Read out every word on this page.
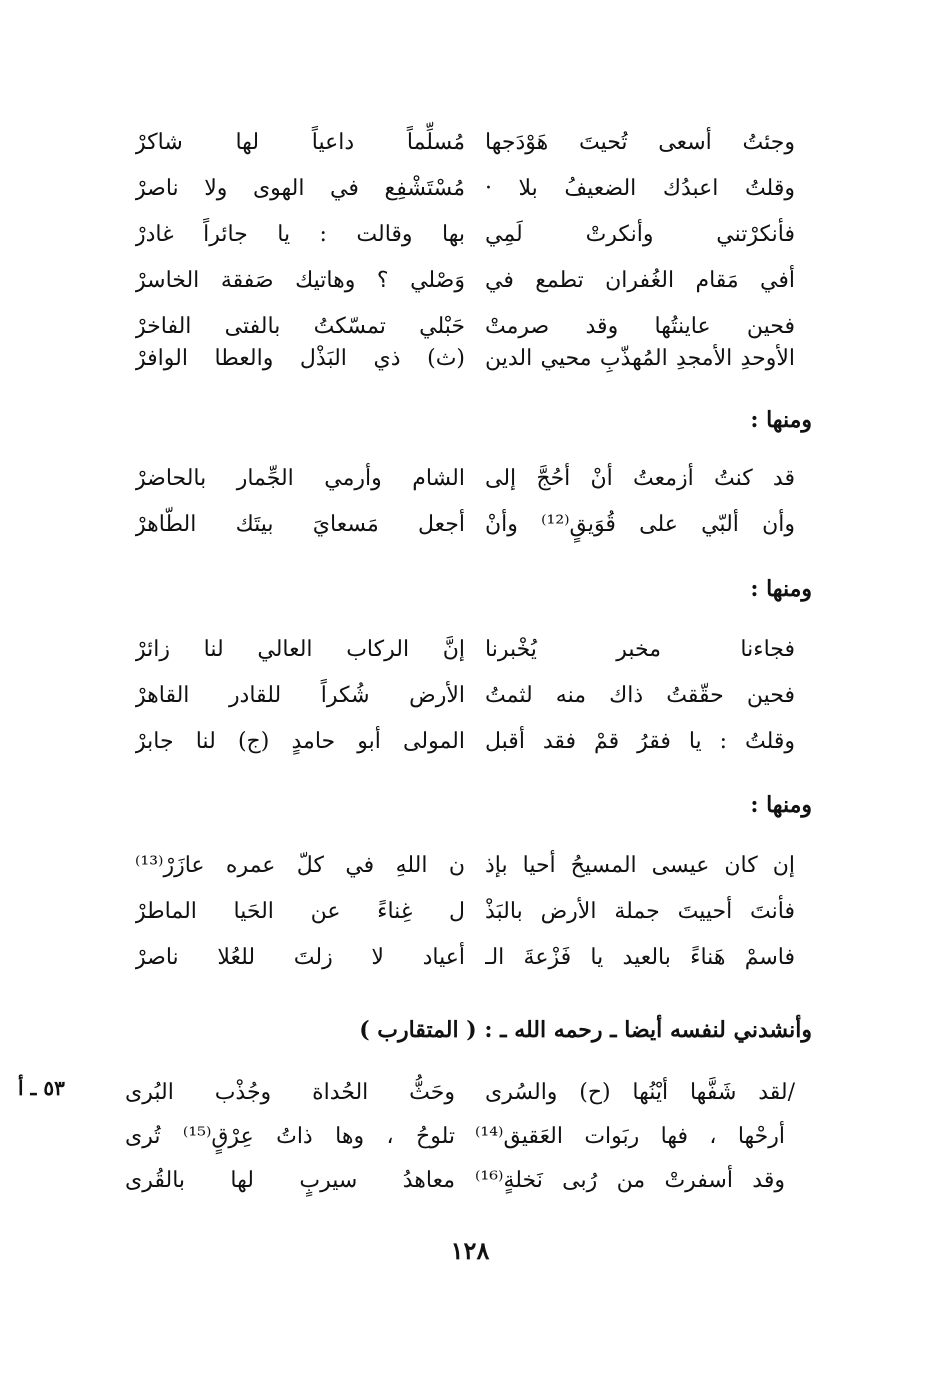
وجئتُ أسعى تُحيتَ هَوْدَجها
مُسلِّماً داعياً لها شاكرْ
وقلتُ اعبدُك الضعيفُ بلا ·
مُسْتَشْفِع في الهوى ولا ناصرْ
فأنكرْتني وأنكرتْ لَمِي
بها وقالت : يا جائراً غادرْ
أفي مَقام الغُفران تطمع في
وَصْلي ؟ وهاتيك صَفقة الخاسرْ
فحين عاينتُها وقد صرمتْ
حَبْلي تمسّكتُ بالفتى الفاخرْ
الأوحدِ الأمجدِ المُهذّبِ محيي الدين
(ث) ذي البَذْل والعطا الوافرْ
ومنها :
قد كنتُ أزمعتُ أنْ أحُجَّ إلى
الشام وأرمي الجِّمار بالحاضرْ
وأن ألبّي على قُوَيقٍ⁽¹²⁾ وأنْ
أجعل مَسعايَ بيتَك الطّاهرْ
ومنها :
فجاءنا مخبر يُخْبرنا
إنَّ الركاب العالي لنا زائرْ
فحين حقّقتُ ذاك منه لثمتُ
الأرض شُكراً للقادر القاهرْ
وقلتُ : يا فقرُ قمْ فقد أقبل
المولى أبو حامدٍ (ج) لنا جابرْ
ومنها :
إن كان عيسى المسيحُ أحيا بإذ
ن اللهِ في كلّ عمره عازَرْ⁽¹³⁾
فأنتَ أحييتَ جملة الأرض بالبَذْ
ل غِناءً عن الحَيا الماطرْ
فاسمْ هَناءً بالعيد يا فَزْعةَ الـ
أعياد لا زلتَ للعُلا ناصرْ
وأنشدني لنفسه أيضا ـ رحمه الله ـ : ( المتقارب )
٥٣ ـ أ	/لقد شَفَّها أيْنُها (ح) والسُرى
وحَثُّ الحُداة وجُذْب البُرى
أرحْها ، فها ربَوات العَقيق⁽¹⁴⁾
تلوحُ ، وها ذاتُ عِرْقٍ⁽¹⁵⁾ تُرى
وقد أسفرتْ من رُبى نَخلةٍ⁽¹⁶⁾
معاهدُ سيربٍ لها بالقُرى
١٢٨
